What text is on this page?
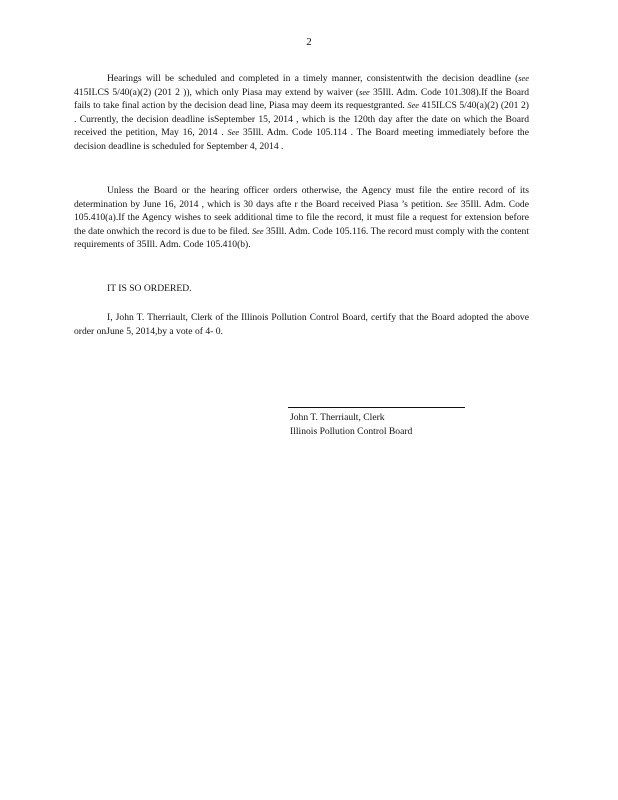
2

Hearings will be scheduled and completed in a timely manner, consistentwith the decision deadline (see 415ILCS 5/40(a)(2) (201 2 )), which only Piasa may extend by waiver (see 35Ill. Adm. Code 101.308).If the Board fails to take final action by the decision dead line, Piasa may deem its requestgranted. See 415ILCS 5/40(a)(2) (201 2) . Currently, the decision deadline isSeptember 15, 2014 , which is the 120th day after the date on which the Board received the petition, May 16, 2014 . See 35Ill. Adm. Code 105.114 . The Board meeting immediately before the decision deadline is scheduled for September 4, 2014 .

Unless the Board or the hearing officer orders otherwise, the Agency must file the entire record of its determination by June 16, 2014 , which is 30 days afte r the Board received Piasa ’s petition. See 35Ill. Adm. Code 105.410(a).If the Agency wishes to seek additional time to file the record, it must file a request for extension before the date onwhich the record is due to be filed. See 35Ill. Adm. Code 105.116. The record must comply with the content requirements of 35Ill. Adm. Code 105.410(b).

IT IS SO ORDERED.

I, John T. Therriault, Clerk of the Illinois Pollution Control Board, certify that the Board adopted the above order onJune 5, 2014,by a vote of 4- 0.

John T. Therriault, Clerk
Illinois Pollution Control Board
